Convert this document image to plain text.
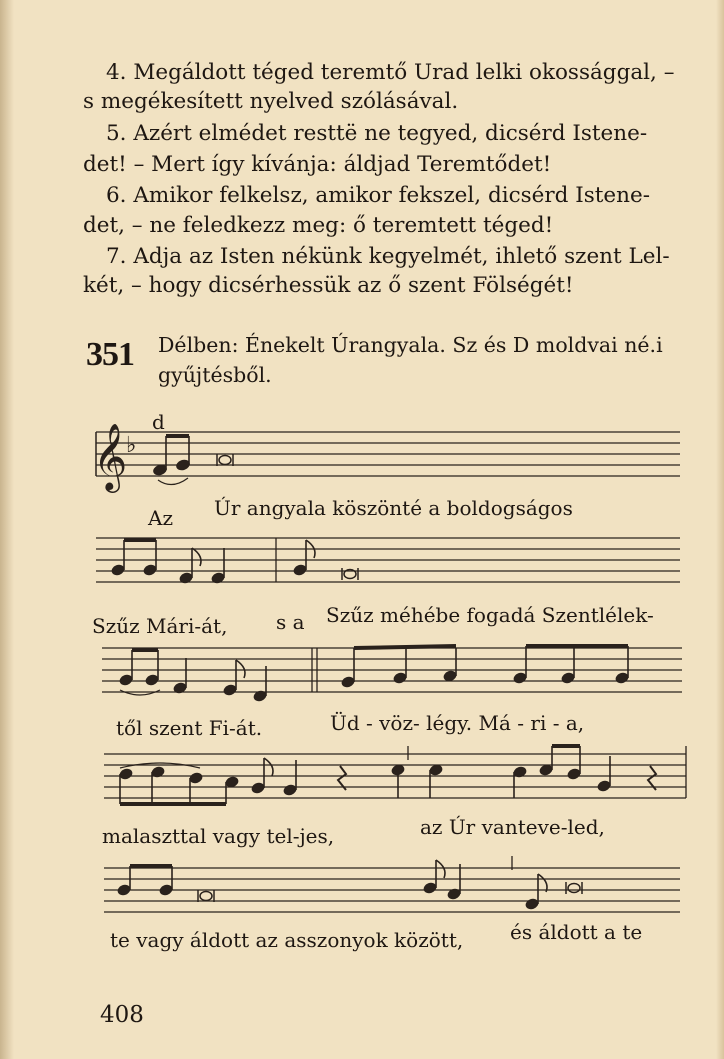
4. Megáldott téged teremtő Urad lelki okossággal, –
s megékesített nyelved szólásával.
5. Azért elmédet resttë ne tegyed, dicsérd Istene-
det! – Mert így kívánja: áldjad Teremtődet!
6. Amikor felkelsz, amikor fekszel, dicsérd Istene-
det, – ne feledkezz meg: ő teremtett téged!
7. Adja az Isten nékünk kegyelmét, ihlető szent Lel-
két, – hogy dicsérhessük az ő szent Fölségét!
351 Délben: Énekelt Úrangyala. Sz és D moldvai né.i
gyűjtésből.
d
𝄞
♭
Az Úr angyala köszönté a boldogságos
Szűz Mári-át, s a Szűz méhébe fogadá Szentlélek-
től szent Fi-át.	Üd - vöz- légy. Má - ri - a,
malaszttal vagy tel-jes,	az Úr vanteve-led,
te vagy áldott az asszonyok között, és áldott a te
408
